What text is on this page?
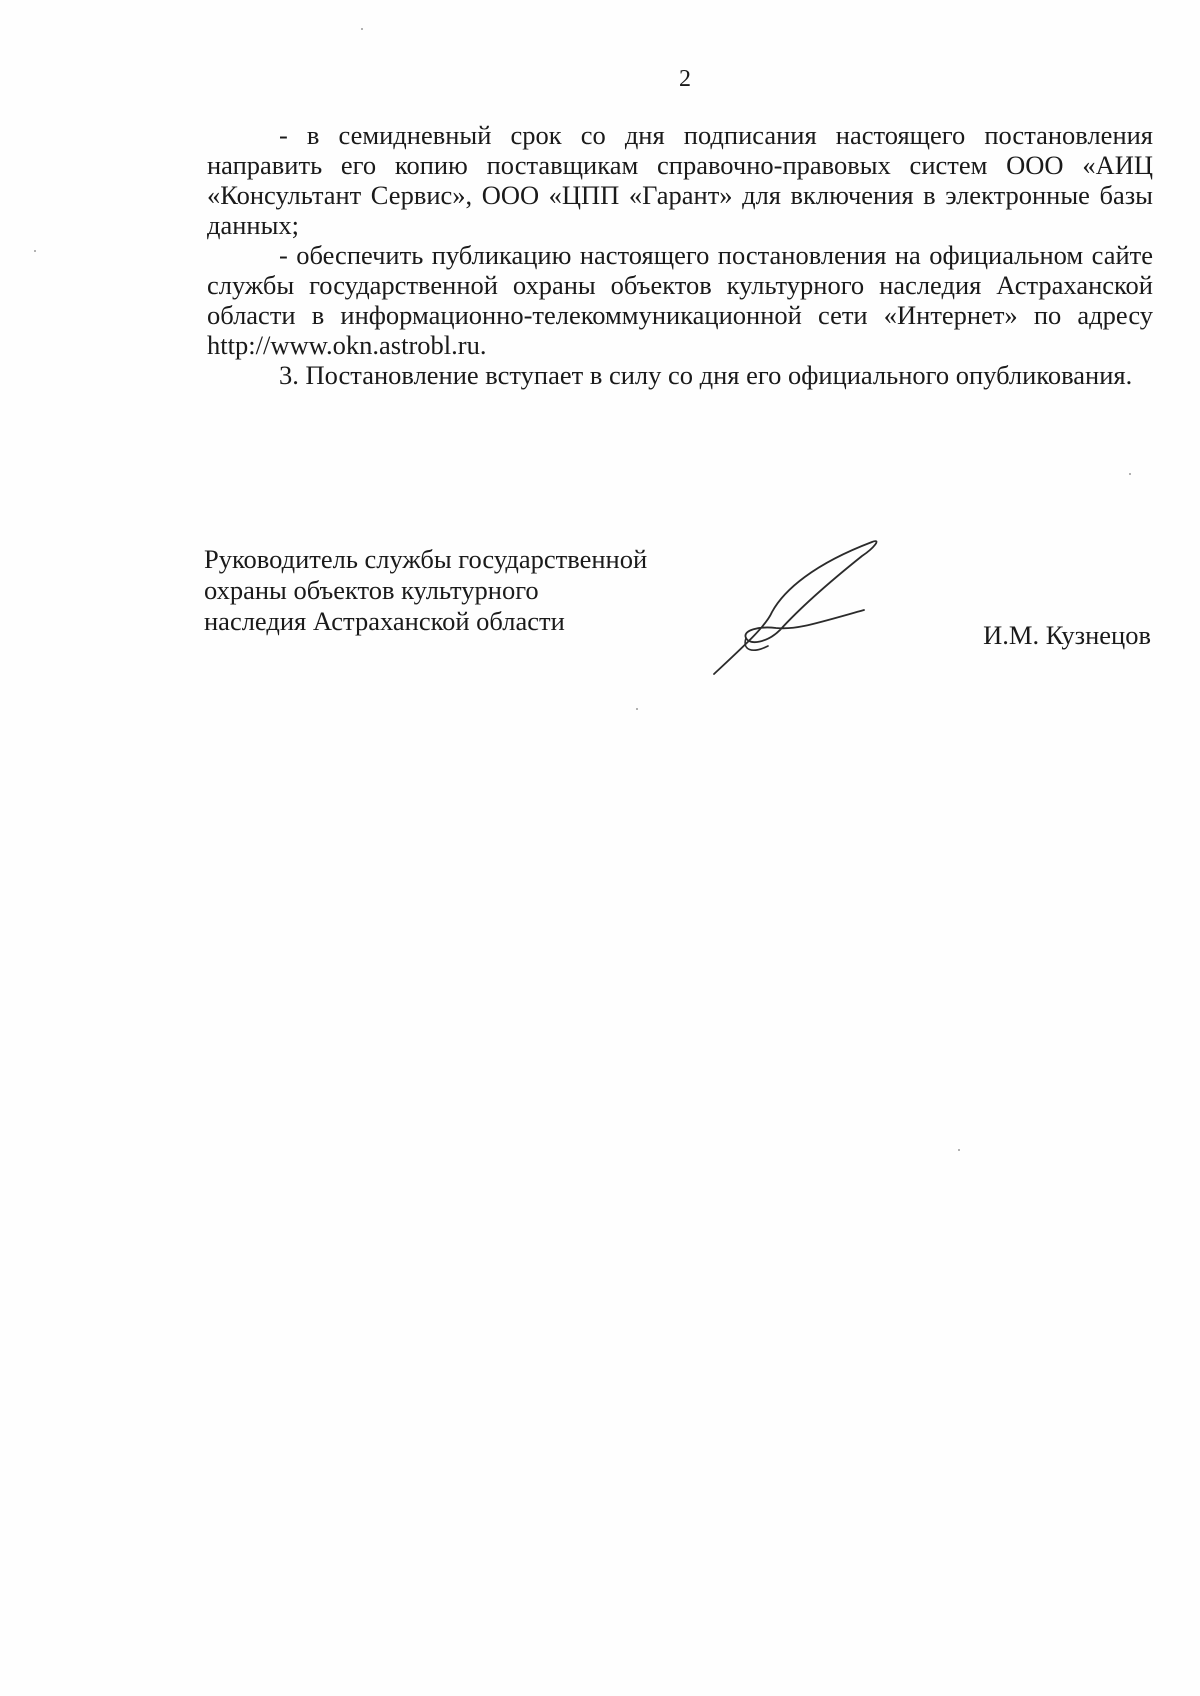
2

- в семидневный срок со дня подписания настоящего постановления направить его копию поставщикам справочно-правовых систем ООО «АИЦ «Консультант Сервис», ООО «ЦПП «Гарант» для включения в электронные базы данных;

- обеспечить публикацию настоящего постановления на официальном сайте службы государственной охраны объектов культурного наследия Астраханской области в информационно-телекоммуникационной сети «Интернет» по адресу http://www.okn.astrobl.ru.

3. Постановление вступает в силу со дня его официального опубликования.

Руководитель службы государственной
охраны объектов культурного
наследия Астраханской области	И.М. Кузнецов
